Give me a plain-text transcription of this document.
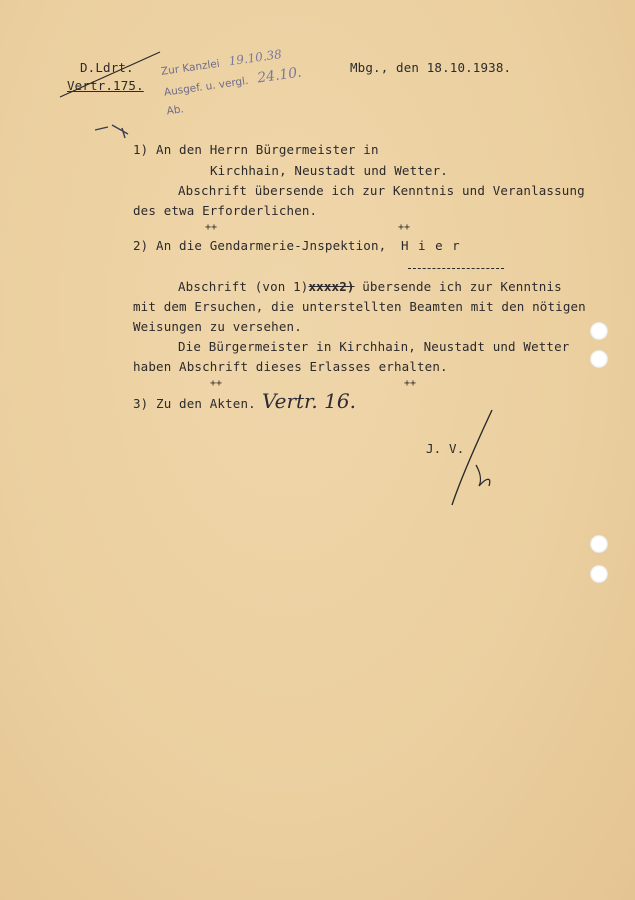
D.Ldrt.
Vertr.175.
Mbg., den 18.10.1938.
Zur Kanzlei 19.10.38
Ausgef. u. vergl. 24.10.
Ab.
1) An den Herrn Bürgermeister in
Kirchhain, Neustadt und Wetter.
Abschrift übersende ich zur Kenntnis und Veranlassung
des etwa Erforderlichen.
++	++
2) An die Gendarmerie-Jnspektion, H i e r
Abschrift (von 1)xxxx2) übersende ich zur Kenntnis
mit dem Ersuchen, die unterstellten Beamten mit den nötigen
Weisungen zu versehen.
Die Bürgermeister in Kirchhain, Neustadt und Wetter
haben Abschrift dieses Erlasses erhalten.
++	++
3) Zu den Akten. Vertr. 16.
J. V.
